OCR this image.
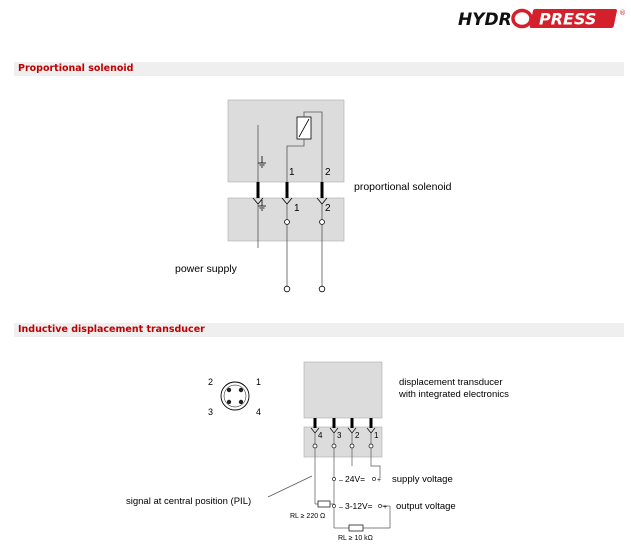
HYDR PRESS	®
Proportional solenoid
Inductive displacement transducer
1	2
1	2
proportional solenoid
power supply
2	1
3	4
4 3 2 1
– 24V= +
– 3-12V= +
RL ≥ 220 Ω
RL ≥ 10 kΩ
displacement transducer
with integrated electronics
supply voltage
output voltage
signal at central position (PIL)
